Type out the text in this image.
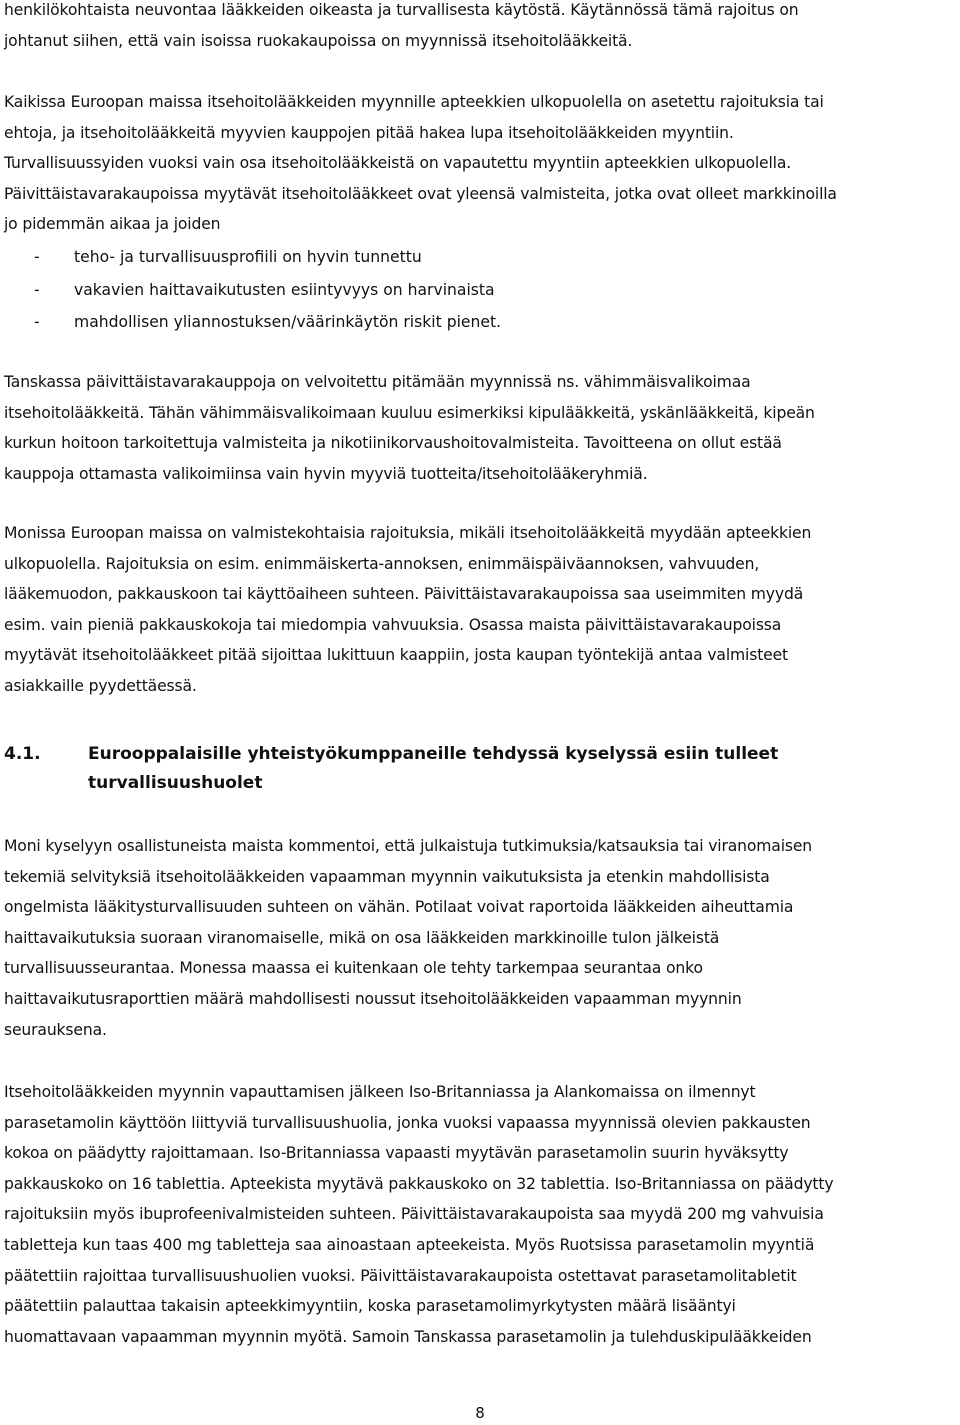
henkilökohtaista neuvontaa lääkkeiden oikeasta ja turvallisesta käytöstä. Käytännössä tämä rajoitus on
johtanut siihen, että vain isoissa ruokakaupoissa on myynnissä itsehoitolääkkeitä.

Kaikissa Euroopan maissa itsehoitolääkkeiden myynnille apteekkien ulkopuolella on asetettu rajoituksia tai
ehtoja, ja itsehoitolääkkeitä myyvien kauppojen pitää hakea lupa itsehoitolääkkeiden myyntiin.
Turvallisuussyiden vuoksi vain osa itsehoitolääkkeistä on vapautettu myyntiin apteekkien ulkopuolella.
Päivittäistavarakaupoissa myytävät itsehoitolääkkeet ovat yleensä valmisteita, jotka ovat olleet markkinoilla
jo pidemmän aikaa ja joiden

- teho- ja turvallisuusprofiili on hyvin tunnettu
- vakavien haittavaikutusten esiintyvyys on harvinaista
- mahdollisen yliannostuksen/väärinkäytön riskit pienet.

Tanskassa päivittäistavarakauppoja on velvoitettu pitämään myynnissä ns. vähimmäisvalikoimaa
itsehoitolääkkeitä. Tähän vähimmäisvalikoimaan kuuluu esimerkiksi kipulääkkeitä, yskänlääkkeitä, kipeän
kurkun hoitoon tarkoitettuja valmisteita ja nikotiinikorvaushoitovalmisteita. Tavoitteena on ollut estää
kauppoja ottamasta valikoimiinsa vain hyvin myyviä tuotteita/itsehoitolääkeryhmiä.

Monissa Euroopan maissa on valmistekohtaisia rajoituksia, mikäli itsehoitolääkkeitä myydään apteekkien
ulkopuolella. Rajoituksia on esim. enimmäiskerta-annoksen, enimmäispäiväannoksen, vahvuuden,
lääkemuodon, pakkauskoon tai käyttöaiheen suhteen. Päivittäistavarakaupoissa saa useimmiten myydä
esim. vain pieniä pakkauskokoja tai miedompia vahvuuksia. Osassa maista päivittäistavarakaupoissa
myytävät itsehoitolääkkeet pitää sijoittaa lukittuun kaappiin, josta kaupan työntekijä antaa valmisteet
asiakkaille pyydettäessä.

4.1.	Eurooppalaisille yhteistyökumppaneille tehdyssä kyselyssä esiin tulleet
turvallisuushuolet

Moni kyselyyn osallistuneista maista kommentoi, että julkaistuja tutkimuksia/katsauksia tai viranomaisen
tekemiä selvityksiä itsehoitolääkkeiden vapaamman myynnin vaikutuksista ja etenkin mahdollisista
ongelmista lääkitysturvallisuuden suhteen on vähän. Potilaat voivat raportoida lääkkeiden aiheuttamia
haittavaikutuksia suoraan viranomaiselle, mikä on osa lääkkeiden markkinoille tulon jälkeistä
turvallisuusseurantaa. Monessa maassa ei kuitenkaan ole tehty tarkempaa seurantaa onko
haittavaikutusraporttien määrä mahdollisesti noussut itsehoitolääkkeiden vapaamman myynnin
seurauksena.

Itsehoitolääkkeiden myynnin vapauttamisen jälkeen Iso-Britanniassa ja Alankomaissa on ilmennyt
parasetamolin käyttöön liittyviä turvallisuushuolia, jonka vuoksi vapaassa myynnissä olevien pakkausten
kokoa on päädytty rajoittamaan. Iso-Britanniassa vapaasti myytävän parasetamolin suurin hyväksytty
pakkauskoko on 16 tablettia. Apteekista myytävä pakkauskoko on 32 tablettia. Iso-Britanniassa on päädytty
rajoituksiin myös ibuprofeenivalmisteiden suhteen. Päivittäistavarakaupoista saa myydä 200 mg vahvuisia
tabletteja kun taas 400 mg tabletteja saa ainoastaan apteekeista. Myös Ruotsissa parasetamolin myyntiä
päätettiin rajoittaa turvallisuushuolien vuoksi. Päivittäistavarakaupoista ostettavat parasetamolitabletit
päätettiin palauttaa takaisin apteekkimyyntiin, koska parasetamolimyrkytysten määrä lisääntyi
huomattavaan vapaamman myynnin myötä. Samoin Tanskassa parasetamolin ja tulehduskipulääkkeiden

8
